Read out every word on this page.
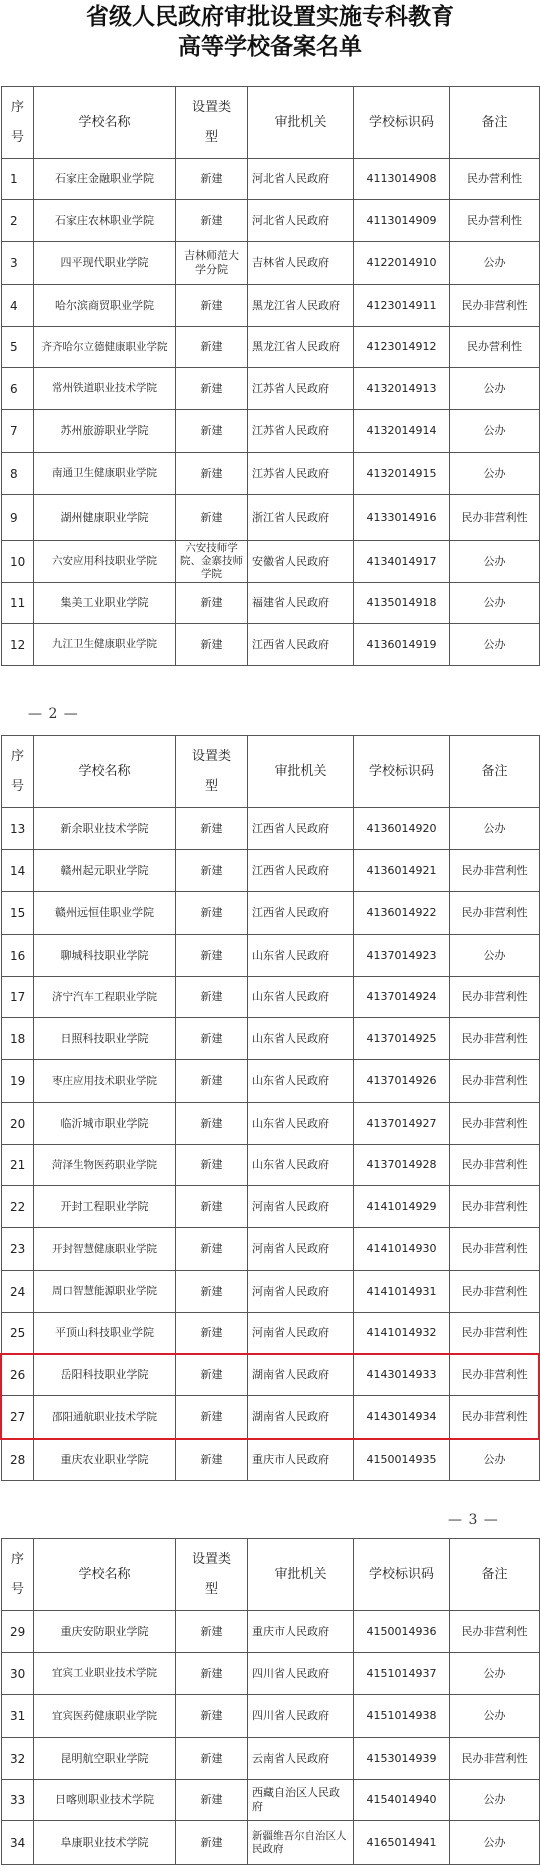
省级人民政府审批设置实施专科教育
高等学校备案名单
序号	学校名称	设置类型	审批机关	学校标识码	备注
1	石家庄金融职业学院	新建	河北省人民政府	4113014908	民办营利性
2	石家庄农林职业学院	新建	河北省人民政府	4113014909	民办营利性
3	四平现代职业学院	吉林师范大学分院	吉林省人民政府	4122014910	公办
4	哈尔滨商贸职业学院	新建	黑龙江省人民政府	4123014911	民办非营利性
5	齐齐哈尔立德健康职业学院	新建	黑龙江省人民政府	4123014912	民办营利性
6	常州铁道职业技术学院	新建	江苏省人民政府	4132014913	公办
7	苏州旅游职业学院	新建	江苏省人民政府	4132014914	公办
8	南通卫生健康职业学院	新建	江苏省人民政府	4132014915	公办
9	湖州健康职业学院	新建	浙江省人民政府	4133014916	民办非营利性
10	六安应用科技职业学院	六安技师学院、金寨技师学院	安徽省人民政府	4134014917	公办
11	集美工业职业学院	新建	福建省人民政府	4135014918	公办
12	九江卫生健康职业学院	新建	江西省人民政府	4136014919	公办
— 2 —
序号	学校名称	设置类型	审批机关	学校标识码	备注
13	新余职业技术学院	新建	江西省人民政府	4136014920	公办
14	赣州起元职业学院	新建	江西省人民政府	4136014921	民办非营利性
15	赣州远恒佳职业学院	新建	江西省人民政府	4136014922	民办非营利性
16	聊城科技职业学院	新建	山东省人民政府	4137014923	公办
17	济宁汽车工程职业学院	新建	山东省人民政府	4137014924	民办非营利性
18	日照科技职业学院	新建	山东省人民政府	4137014925	民办非营利性
19	枣庄应用技术职业学院	新建	山东省人民政府	4137014926	民办非营利性
20	临沂城市职业学院	新建	山东省人民政府	4137014927	民办非营利性
21	菏泽生物医药职业学院	新建	山东省人民政府	4137014928	民办非营利性
22	开封工程职业学院	新建	河南省人民政府	4141014929	民办非营利性
23	开封智慧健康职业学院	新建	河南省人民政府	4141014930	民办非营利性
24	周口智慧能源职业学院	新建	河南省人民政府	4141014931	民办非营利性
25	平顶山科技职业学院	新建	河南省人民政府	4141014932	民办非营利性
26	岳阳科技职业学院	新建	湖南省人民政府	4143014933	民办非营利性
27	邵阳通航职业技术学院	新建	湖南省人民政府	4143014934	民办非营利性
28	重庆农业职业学院	新建	重庆市人民政府	4150014935	公办
— 3 —
序号	学校名称	设置类型	审批机关	学校标识码	备注
29	重庆安防职业学院	新建	重庆市人民政府	4150014936	民办非营利性
30	宜宾工业职业技术学院	新建	四川省人民政府	4151014937	公办
31	宜宾医药健康职业学院	新建	四川省人民政府	4151014938	公办
32	昆明航空职业学院	新建	云南省人民政府	4153014939	民办非营利性
33	日喀则职业技术学院	新建	西藏自治区人民政府	4154014940	公办
34	阜康职业技术学院	新建	新疆维吾尔自治区人民政府	4165014941	公办
